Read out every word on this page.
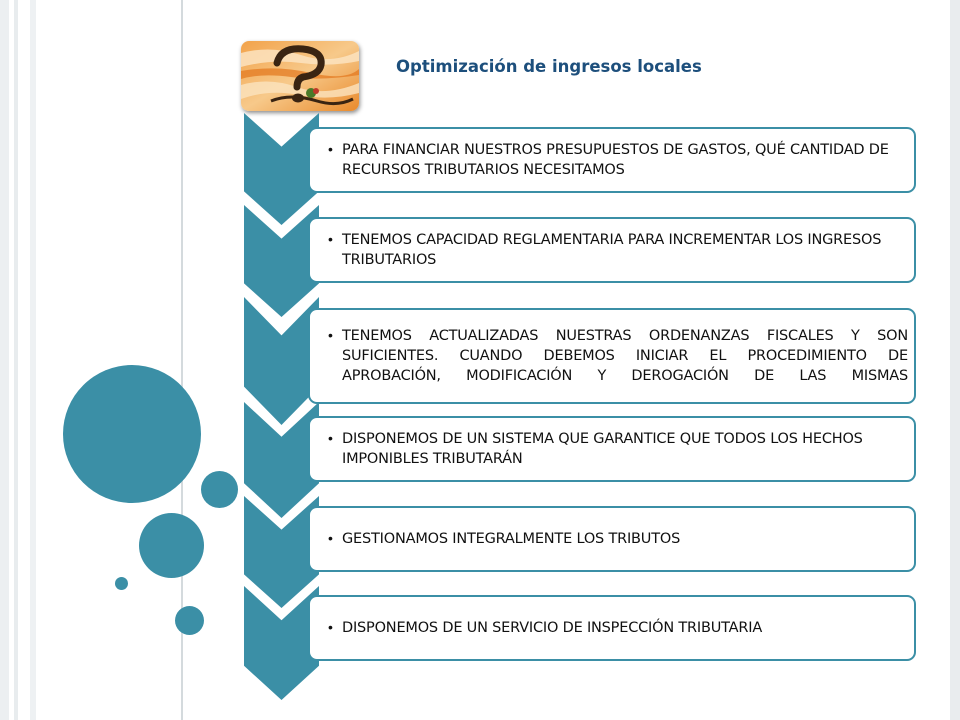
Optimización de ingresos locales
• PARA FINANCIAR NUESTROS PRESUPUESTOS DE GASTOS, QUÉ CANTIDAD DE RECURSOS TRIBUTARIOS NECESITAMOS
• TENEMOS CAPACIDAD REGLAMENTARIA PARA INCREMENTAR LOS INGRESOS TRIBUTARIOS
• TENEMOS ACTUALIZADAS NUESTRAS ORDENANZAS FISCALES Y SON SUFICIENTES. CUANDO DEBEMOS INICIAR EL PROCEDIMIENTO DE APROBACIÓN, MODIFICACIÓN Y DEROGACIÓN DE LAS MISMAS
• DISPONEMOS DE UN SISTEMA QUE GARANTICE QUE TODOS LOS HECHOS IMPONIBLES TRIBUTARÁN
• GESTIONAMOS INTEGRALMENTE LOS TRIBUTOS
• DISPONEMOS DE UN SERVICIO DE INSPECCIÓN TRIBUTARIA
